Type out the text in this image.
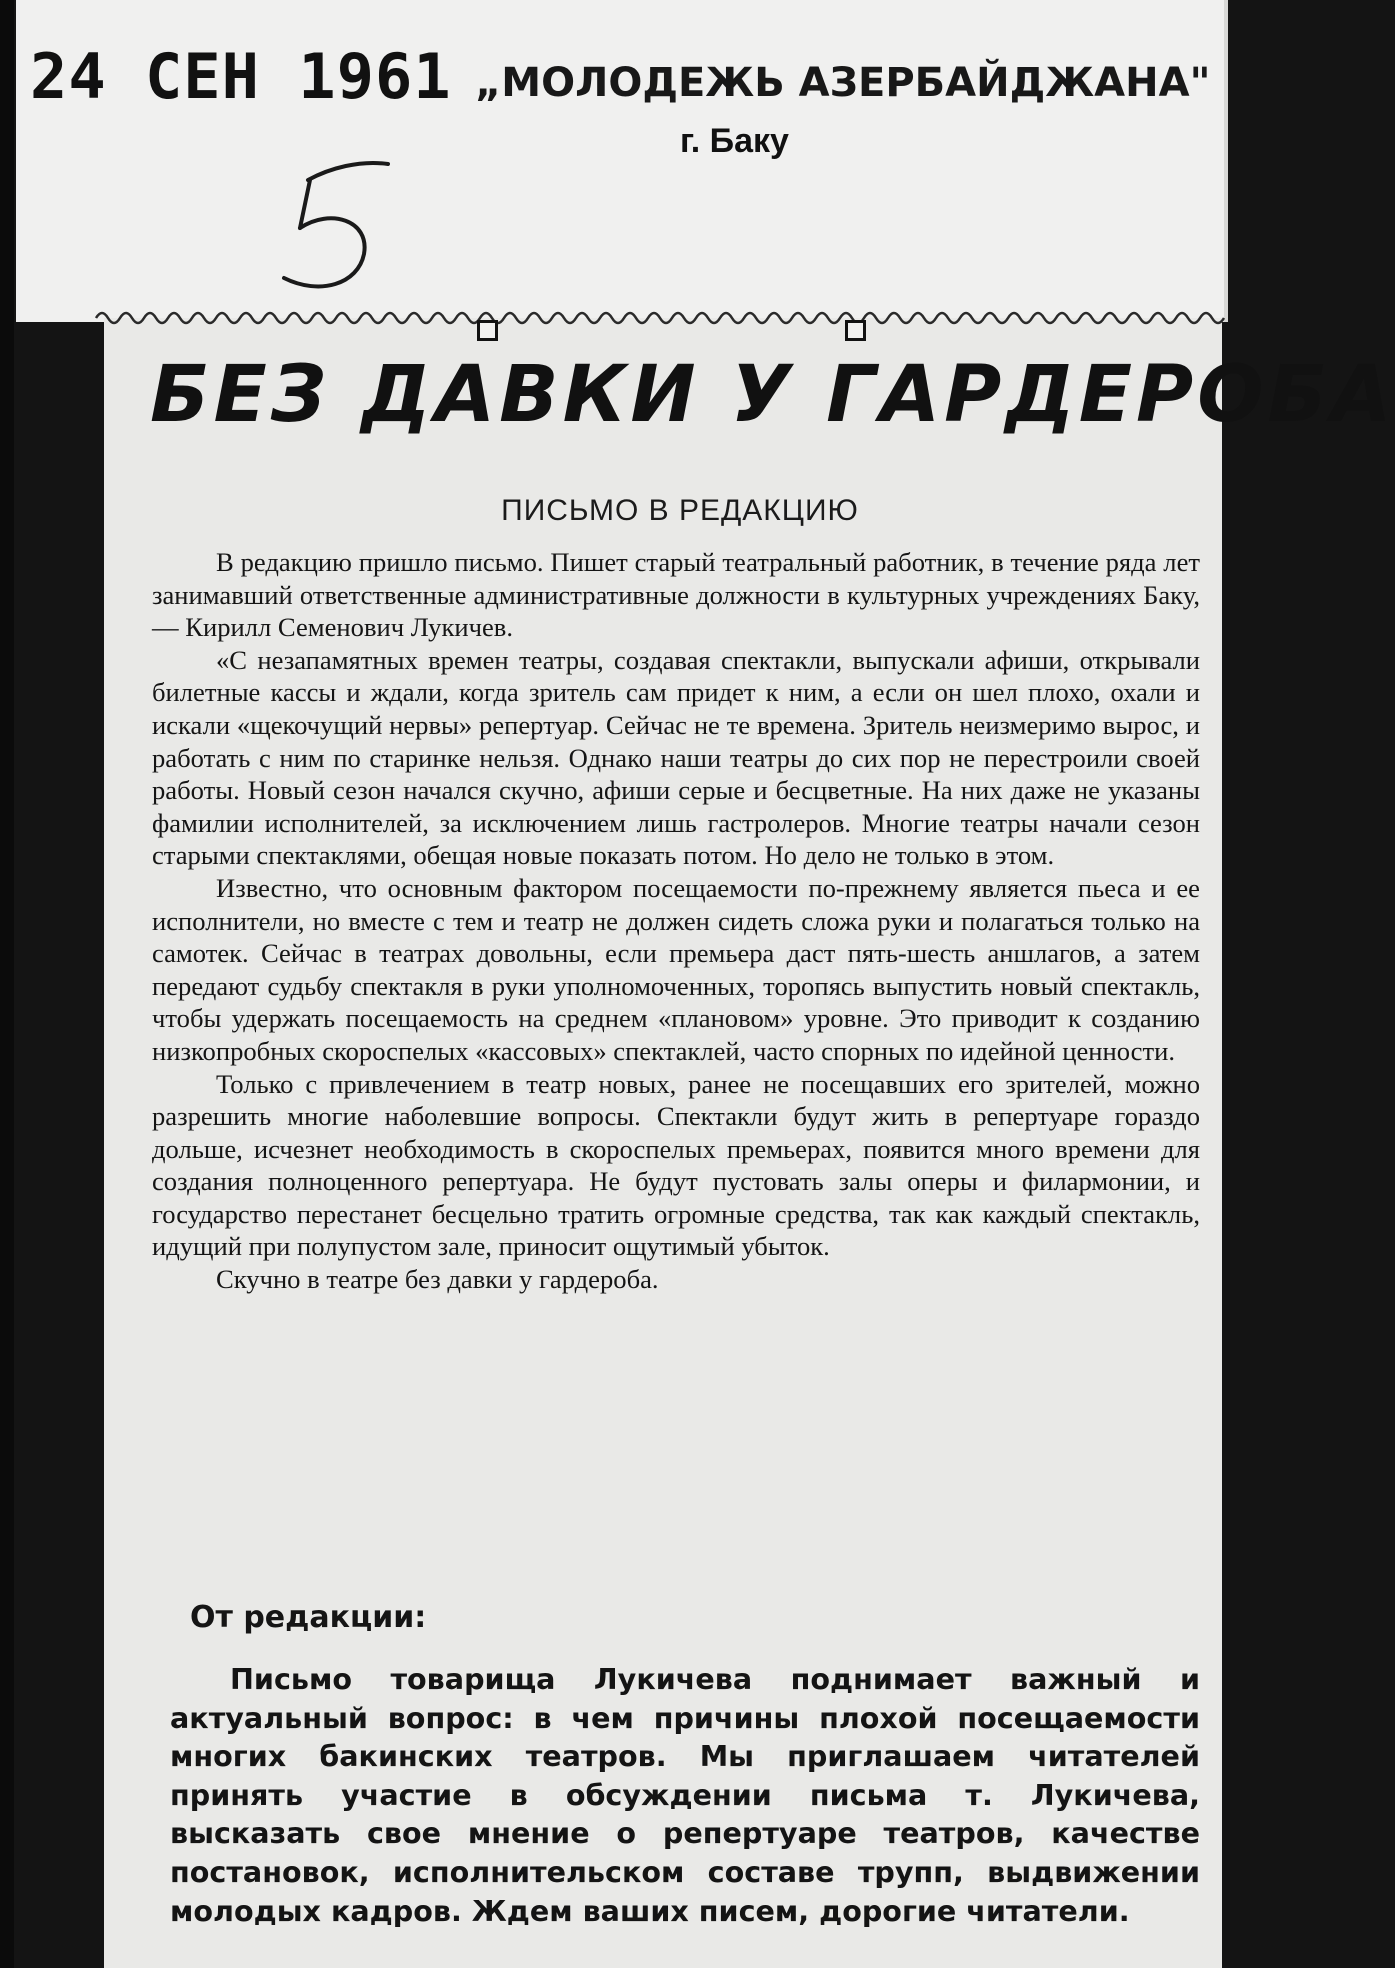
24 СЕН 1961 „МОЛОДЕЖЬ АЗЕРБАЙДЖАНА"
г. Баку
БЕЗ ДАВКИ У ГАРДЕРОБА
ПИСЬМО В РЕДАКЦИЮ

В редакцию пришло письмо. Пишет старый театральный работник, в течение ряда лет занимавший ответственные административные должности в культурных учреждениях Баку, — Кирилл Семенович Лукичев.

«С незапамятных времен театры, создавая спектакли, выпускали афиши, открывали билетные кассы и ждали, когда зритель сам придет к ним, а если он шел плохо, охали и искали «щекочущий нервы» репертуар. Сейчас не те времена. Зритель неизмеримо вырос, и работать с ним по старинке нельзя. Однако наши театры до сих пор не перестроили своей работы. Новый сезон начался скучно, афиши серые и бесцветные. На них даже не указаны фамилии исполнителей, за исключением лишь гастролеров. Многие театры начали сезон старыми спектаклями, обещая новые показать потом. Но дело не только в этом.

Известно, что основным фактором посещаемости по-прежнему является пьеса и ее исполнители, но вместе с тем и театр не должен сидеть сложа руки и полагаться только на самотек. Сейчас в театрах довольны, если премьера даст пять-шесть аншлагов, а затем передают судьбу спектакля в руки уполномоченных, торопясь выпустить новый спектакль, чтобы удержать посещаемость на среднем «плановом» уровне. Это приводит к созданию низкопробных скороспелых «кассовых» спектаклей, часто спорных по идейной ценности.

Только с привлечением в театр новых, ранее не посещавших его зрителей, можно разрешить многие наболевшие вопросы. Спектакли будут жить в репертуаре гораздо дольше, исчезнет необходимость в скороспелых премьерах, появится много времени для создания полноценного репертуара. Не будут пустовать залы оперы и филармонии, и государство перестанет бесцельно тратить огромные средства, так как каждый спектакль, идущий при полупустом зале, приносит ощутимый убыток.

Скучно в театре без давки у гардероба.

От редакции:

Письмо товарища Лукичева поднимает важный и актуальный вопрос: в чем причины плохой посещаемости многих бакинских театров. Мы приглашаем читателей принять участие в обсуждении письма т. Лукичева, высказать свое мнение о репертуаре театров, качестве постановок, исполнительском составе трупп, выдвижении молодых кадров. Ждем ваших писем, дорогие читатели.
